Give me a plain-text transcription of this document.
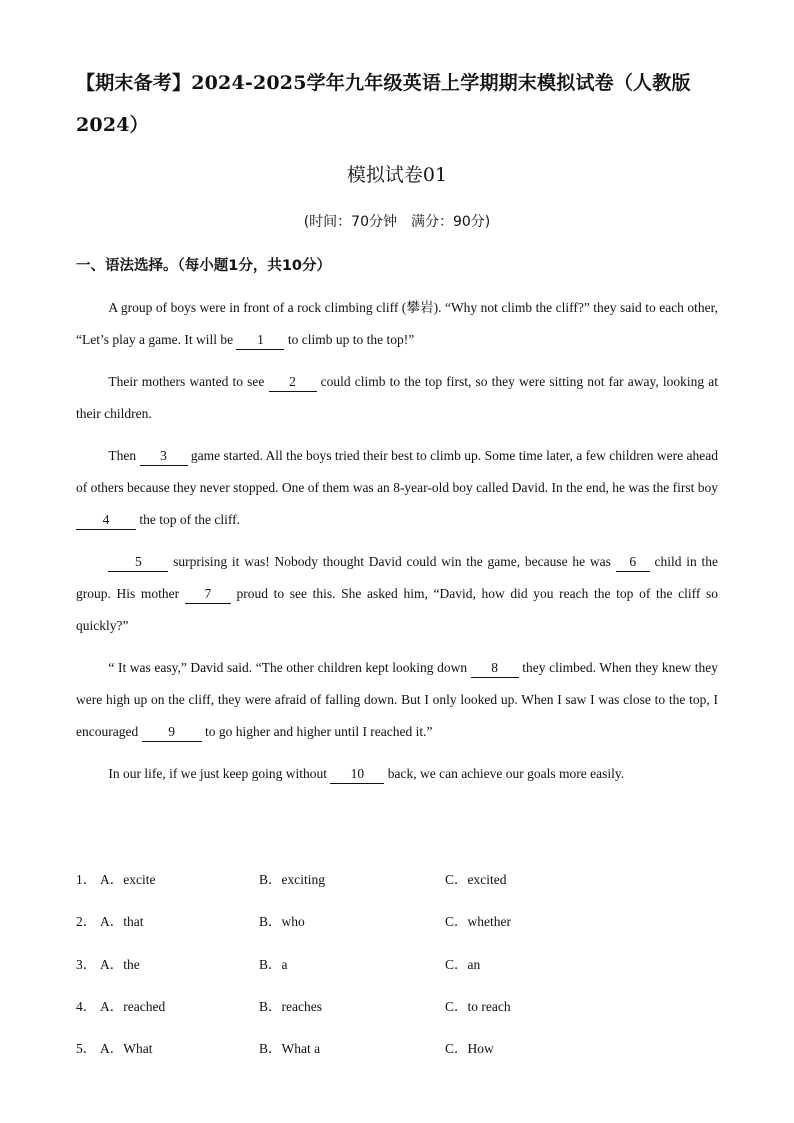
【期末备考】2024-2025学年九年级英语上学期期末模拟试卷（人教版2024）
模拟试卷01
(时间：70分钟　满分：90分)
一、语法选择。（每小题1分，共10分）

A group of boys were in front of a rock climbing cliff (攀岩). “Why not climb the cliff?” they said to each other, “Let’s play a game. It will be 1 to climb up to the top!”

Their mothers wanted to see 2 could climb to the top first, so they were sitting not far away, looking at their children.

Then 3 game started. All the boys tried their best to climb up. Some time later, a few children were ahead of others because they never stopped. One of them was an 8-year-old boy called David. In the end, he was the first boy 4 the top of the cliff.

5 surprising it was! Nobody thought David could win the game, because he was 6 child in the group. His mother 7 proud to see this. She asked him, “David, how did you reach the top of the cliff so quickly?”

“ It was easy,” David said. “The other children kept looking down 8 they climbed. When they knew they were high up on the cliff, they were afraid of falling down. But I only looked up. When I saw I was close to the top, I encouraged 9 to go higher and higher until I reached it.”

In our life, if we just keep going without 10 back, we can achieve our goals more easily.

1． A．excite	B．exciting	C．excited
2． A．that	B．who	C．whether
3． A．the	B．a	C．an
4． A．reached	B．reaches	C．to reach
5． A．What	B．What a	C．How
